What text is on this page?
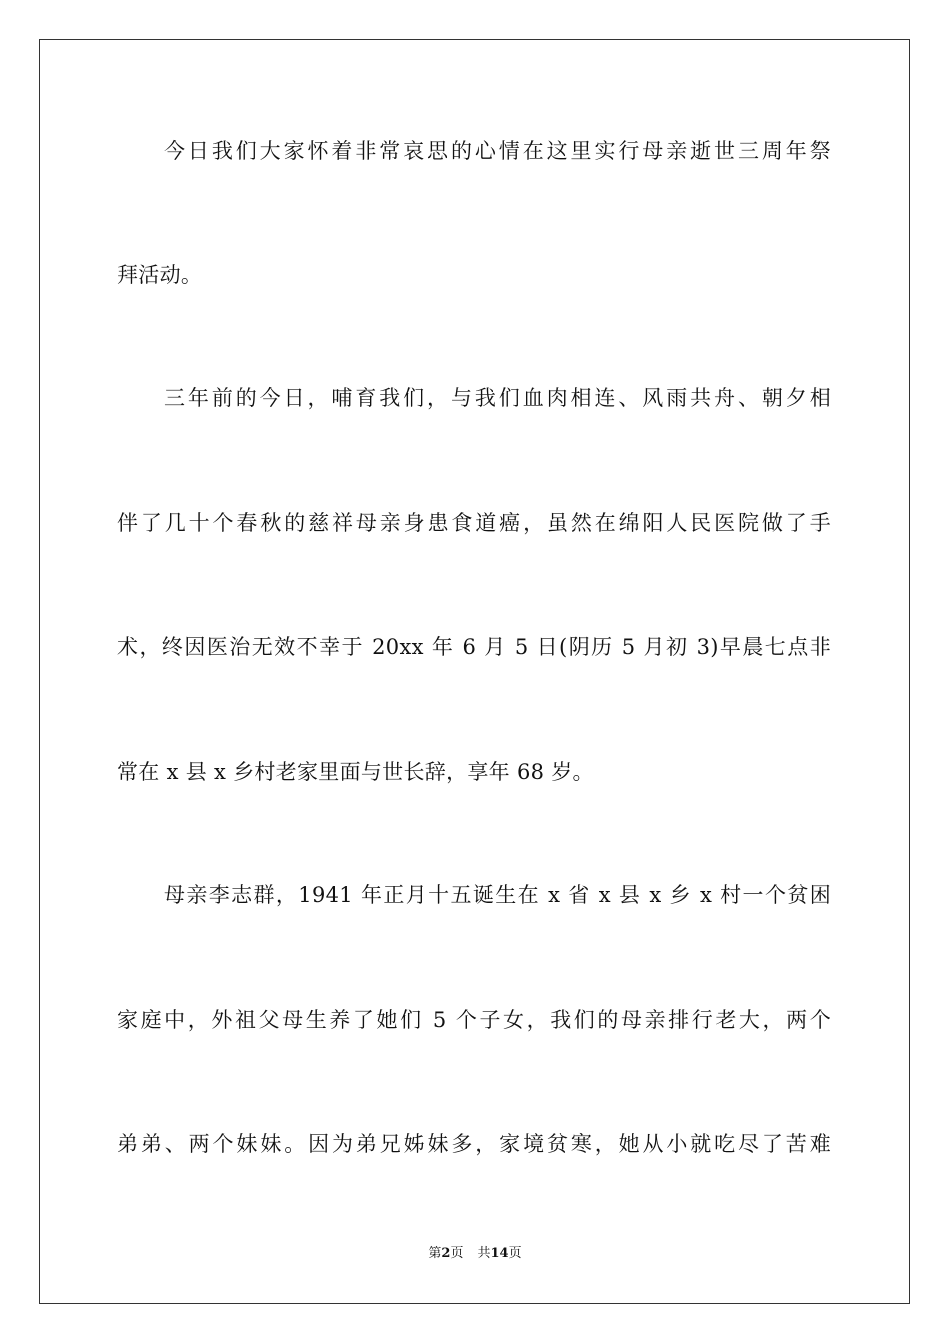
今日我们大家怀着非常哀思的心情在这里实行母亲逝世三周年祭
拜活动。
三年前的今日，哺育我们，与我们血肉相连、风雨共舟、朝夕相
伴了几十个春秋的慈祥母亲身患食道癌，虽然在绵阳人民医院做了手
术，终因医治无效不幸于 20xx 年 6 月 5 日(阴历 5 月初 3)早晨七点非
常在 x 县 x 乡村老家里面与世长辞，享年 68 岁。
母亲李志群，1941 年正月十五诞生在 x 省 x 县 x 乡 x 村一个贫困
家庭中，外祖父母生养了她们 5 个子女，我们的母亲排行老大，两个
弟弟、两个妹妹。因为弟兄姊妹多，家境贫寒，她从小就吃尽了苦难
第2页 共14页
